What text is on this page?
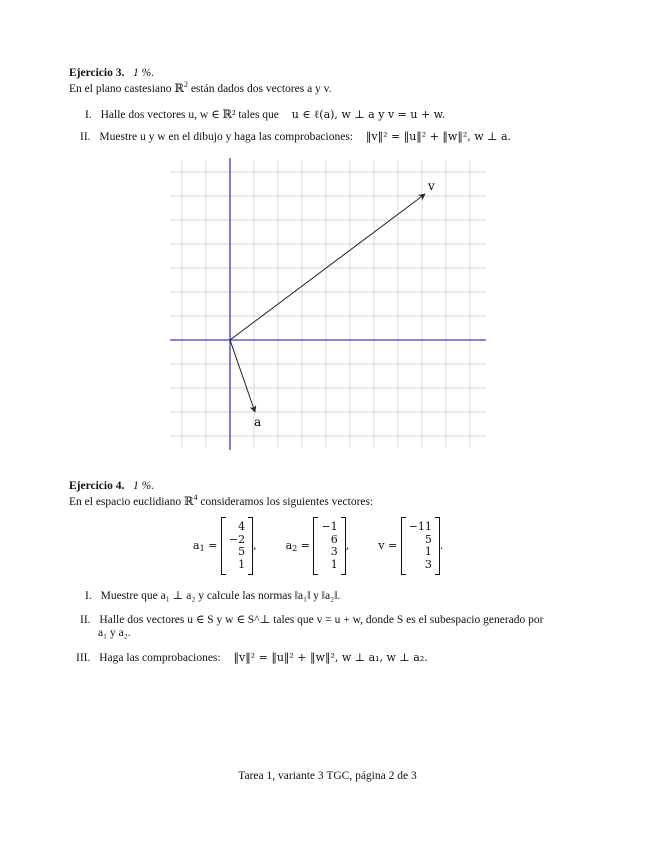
Ejercicio 3. 1 %.
En el plano castesiano ℝ$^2$ están dados dos vectores a y v.
I. Halle dos vectores u, w ∈ ℝ² tales que u ∈ ℓ(a), w ⊥ a y v = u + w.
II. Muestre u y w en el dibujo y haga las comprobaciones: ‖v‖² = ‖u‖² + ‖w‖², w ⊥ a.
v
a
Ejercicio 4. 1 %.
En el espacio euclidiano ℝ$^4$ consideramos los siguientes vectores:
$a_1$ =
4
−2
5
1
,	$a_2$ =
−1
6
3
1
,	v =
−11
5
1
3
.
I. Muestre que a₁ ⊥ a₂ y calcule las normas ‖a₁‖ y ‖a₂‖.
II. Halle dos vectores u ∈ S y w ∈ S^⊥ tales que v = u + w, donde S es el subespacio generado por
a₁ y a₂.
III. Haga las comprobaciones: ‖v‖² = ‖u‖² + ‖w‖², w ⊥ a₁, w ⊥ a₂.
Tarea 1, variante 3 TGC, página 2 de 3
